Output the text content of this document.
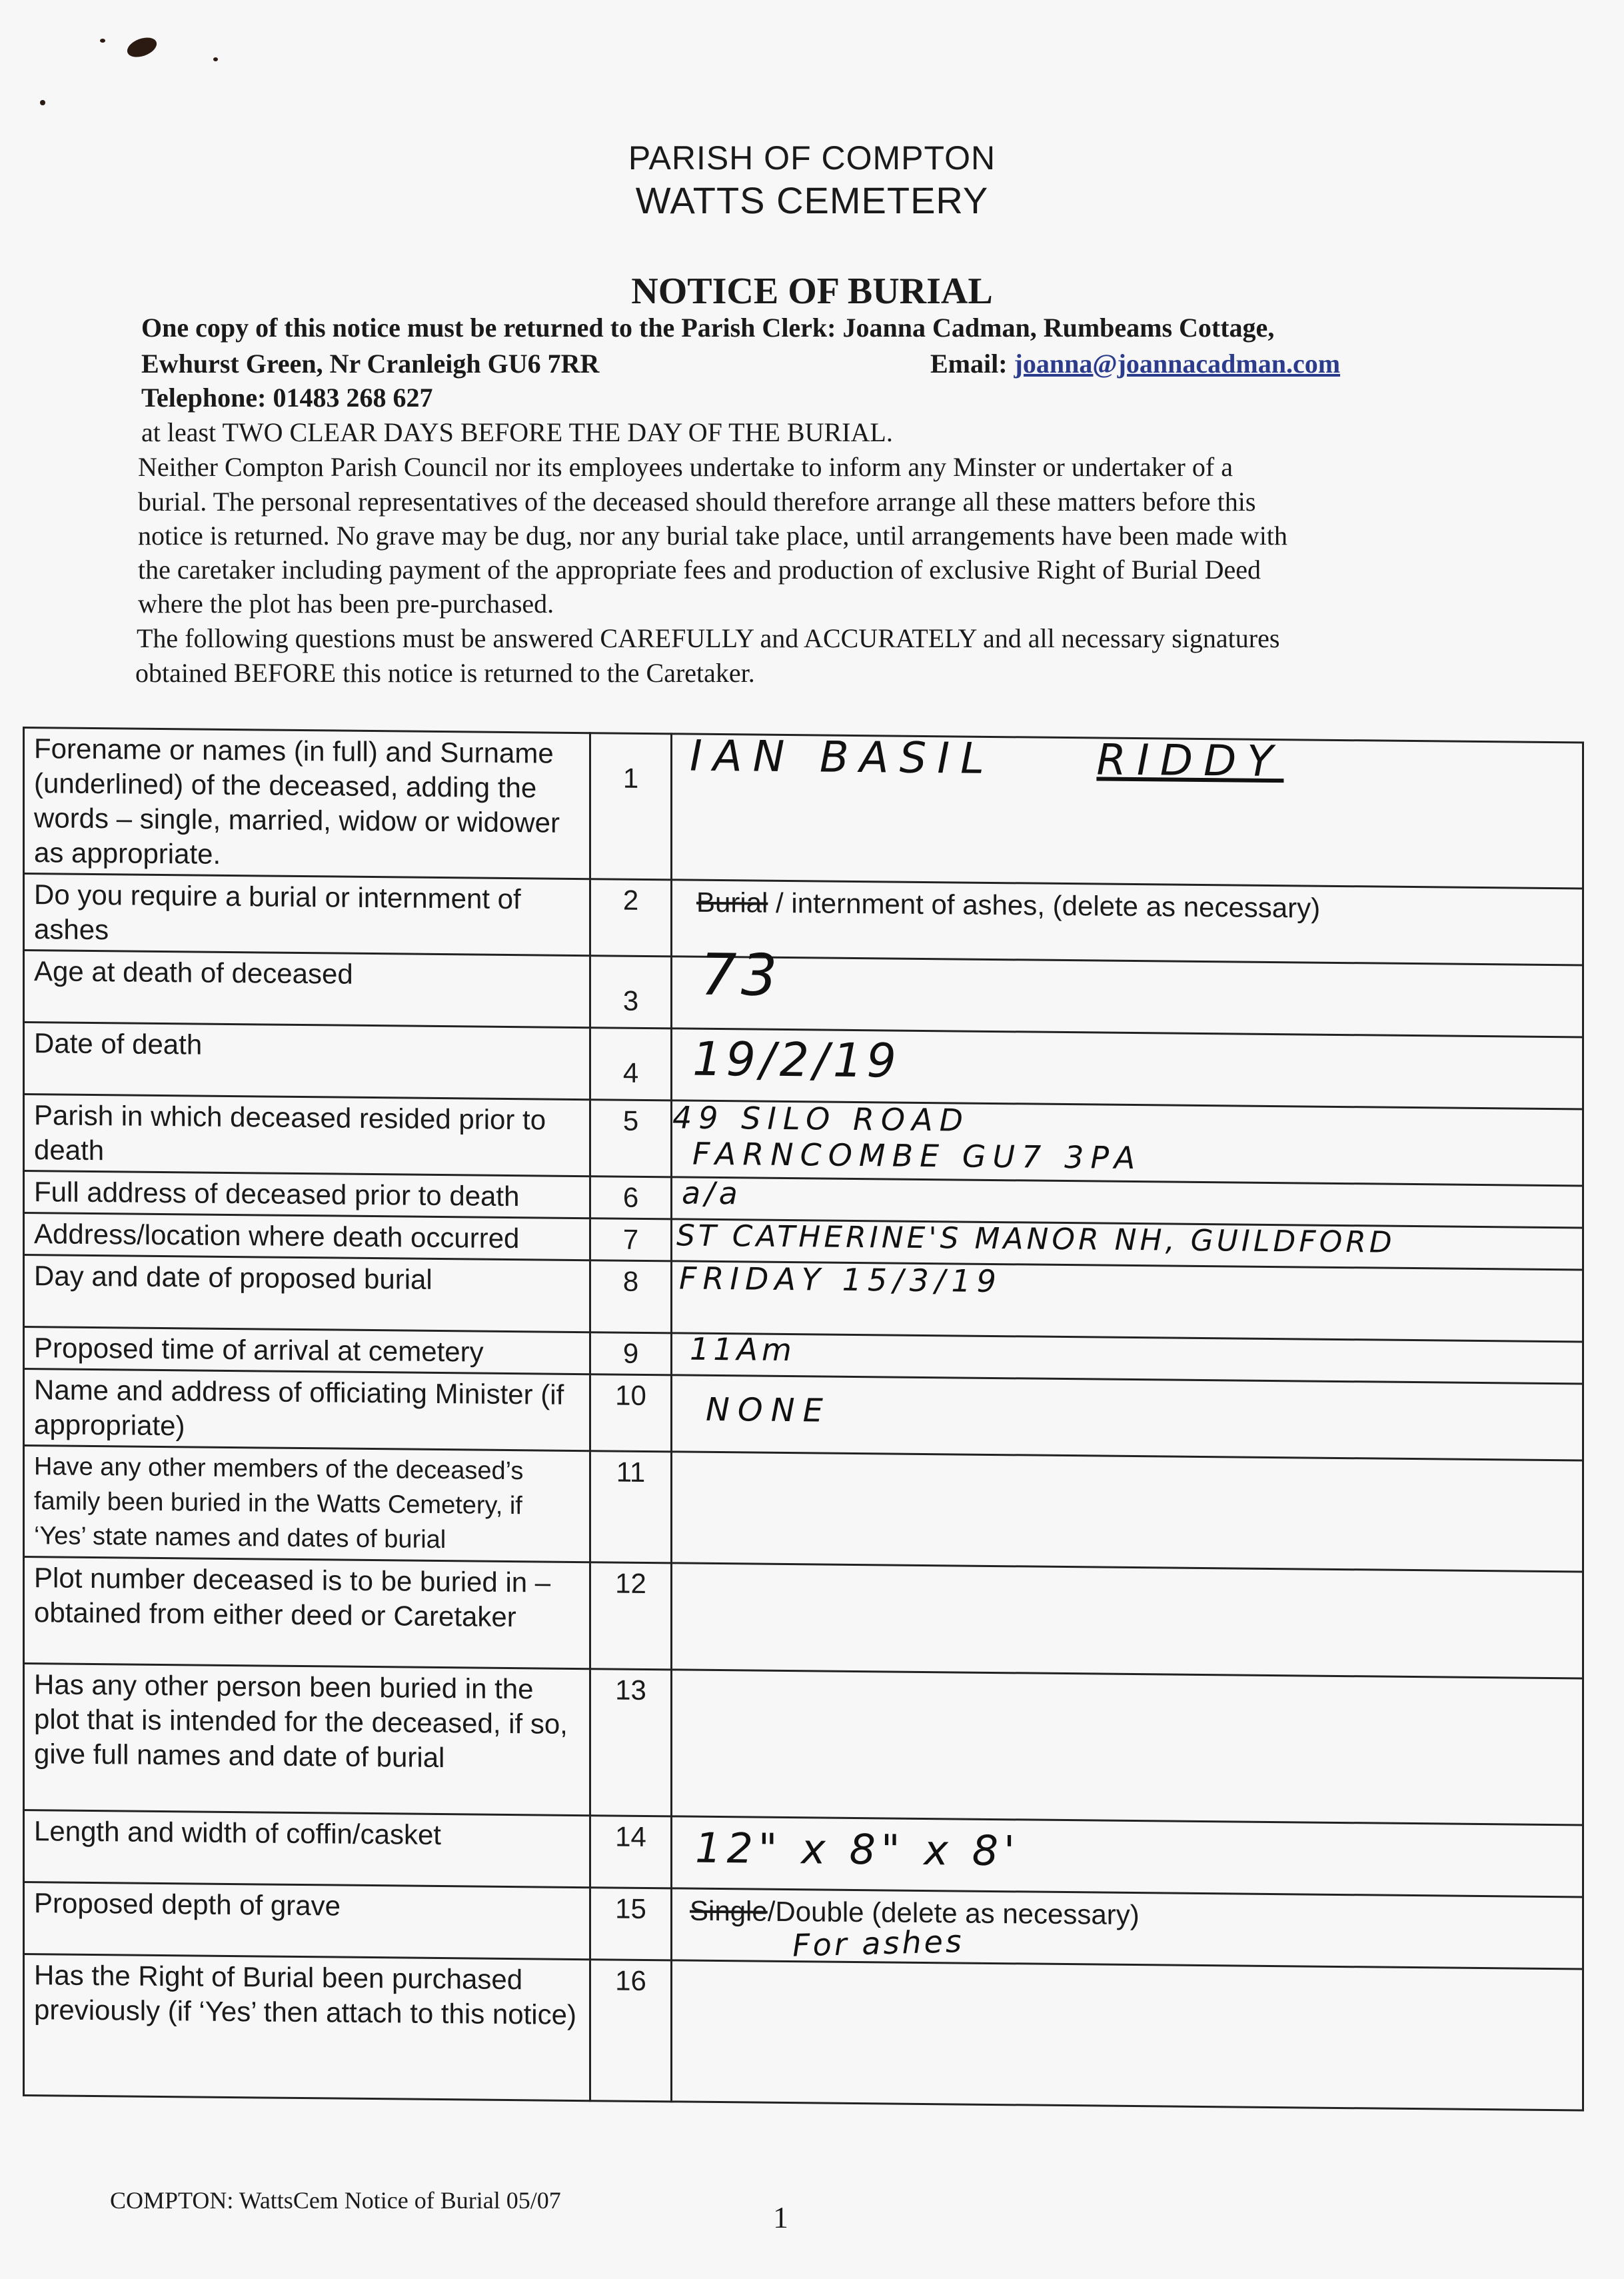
PARISH OF COMPTON
WATTS CEMETERY
NOTICE OF BURIAL
One copy of this notice must be returned to the Parish Clerk: Joanna Cadman, Rumbeams Cottage,
Ewhurst Green, Nr Cranleigh GU6 7RR	Email: joanna@joannacadman.com
Telephone: 01483 268 627
at least TWO CLEAR DAYS BEFORE THE DAY OF THE BURIAL.
Neither Compton Parish Council nor its employees undertake to inform any Minster or undertaker of a
burial. The personal representatives of the deceased should therefore arrange all these matters before this
notice is returned. No grave may be dug, nor any burial take place, until arrangements have been made with
the caretaker including payment of the appropriate fees and production of exclusive Right of Burial Deed
where the plot has been pre-purchased.
The following questions must be answered CAREFULLY and ACCURATELY and all necessary signatures
obtained BEFORE this notice is returned to the Caretaker.
Forename or names (in full) and Surname (underlined) of the deceased, adding the words – single, married, widow or widower as appropriate.	1	IAN BASIL RIDDY

Do you require a burial or internment of ashes	2	Burial / internment of ashes, (delete as necessary)

Age at death of deceased	3	73

Date of death	4	19/2/19

Parish in which deceased resided prior to death	5	49 SILO ROAD
FARNCOMBE GU7 3PA

Full address of deceased prior to death	6	a/a

Address/location where death occurred	7	ST CATHERINE'S MANOR NH, GUILDFORD

Day and date of proposed burial	8	FRIDAY 15/3/19

Proposed time of arrival at cemetery	9	11Am

Name and address of officiating Minister (if appropriate)	10	NONE

Have any other members of the deceased’s family been buried in the Watts Cemetery, if ‘Yes’ state names and dates of burial	11	
Plot number deceased is to be buried in – obtained from either deed or Caretaker	12	
Has any other person been buried in the plot that is intended for the deceased, if so, give full names and date of burial	13	
Length and width of coffin/casket	14	12" x 8" x 8'

Proposed depth of grave	15	Single/Double (delete as necessary)
For ashes

Has the Right of Burial been purchased previously (if ‘Yes’ then attach to this notice)	16	
COMPTON: WattsCem Notice of Burial 05/07	1
